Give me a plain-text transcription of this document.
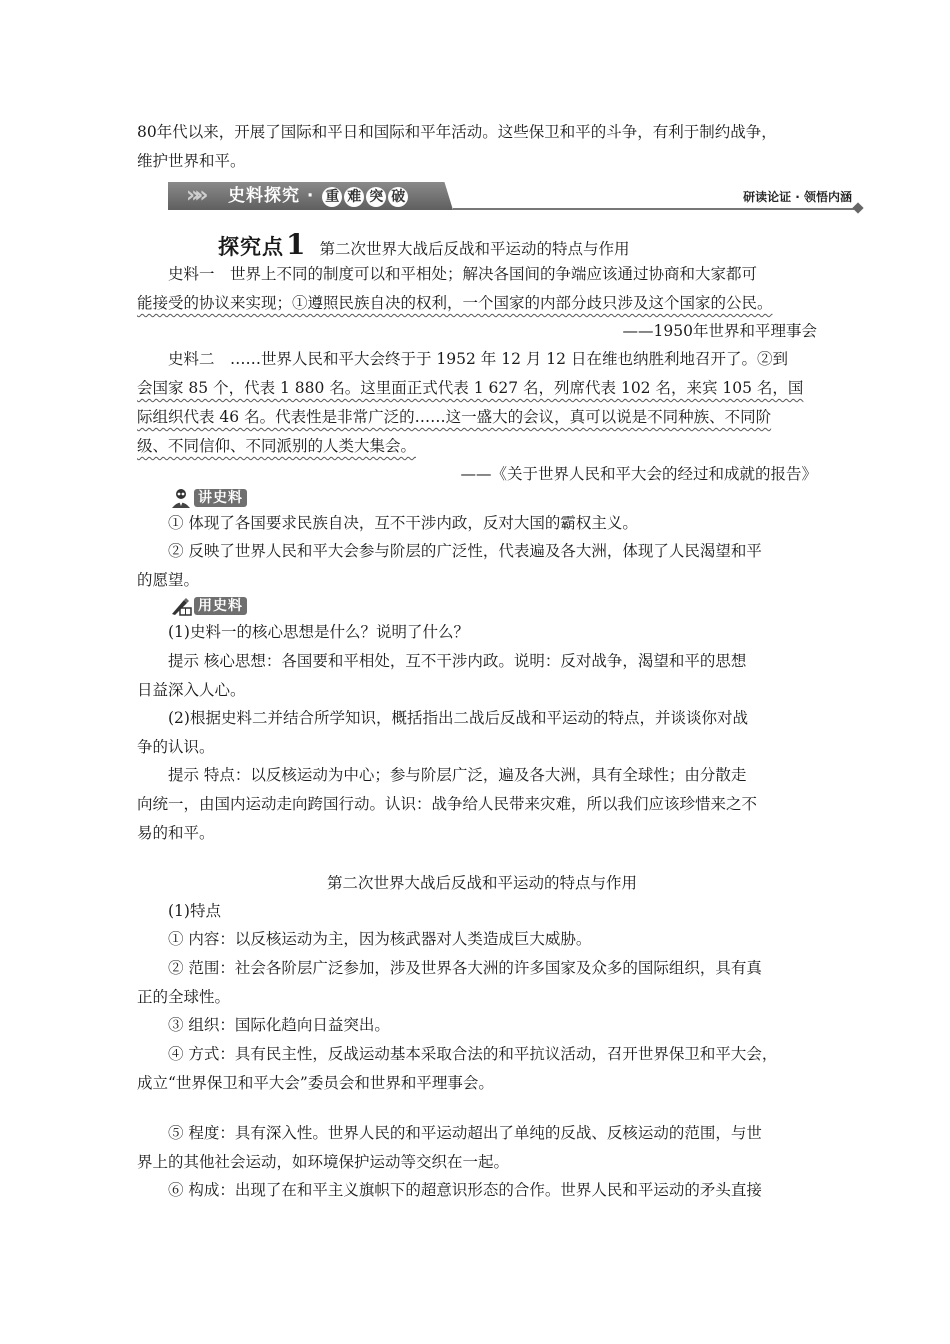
80年代以来，开展了国际和平日和国际和平年活动。这些保卫和平的斗争，有利于制约战争，

维护世界和平。

»» 史料探究 · 重 难 突 破	研读论证 · 领悟内涵
探究点1 第二次世界大战后反战和平运动的特点与作用

史料一　世界上不同的制度可以和平相处；解决各国间的争端应该通过协商和大家都可

能接受的协议来实现；①遵照民族自决的权利，一个国家的内部分歧只涉及这个国家的公民。

——1950年世界和平理事会

史料二　……世界人民和平大会终于于 1952 年 12 月 12 日在维也纳胜利地召开了。②到

会国家 85 个，代表 1 880 名。这里面正式代表 1 627 名，列席代表 102 名，来宾 105 名，国

际组织代表 46 名。代表性是非常广泛的……这一盛大的会议，真可以说是不同种族、不同阶

级、不同信仰、不同派别的人类大集会。

——《关于世界人民和平大会的经过和成就的报告》

讲史料

① 体现了各国要求民族自决，互不干涉内政，反对大国的霸权主义。

② 反映了世界人民和平大会参与阶层的广泛性，代表遍及各大洲，体现了人民渴望和平

的愿望。

用史料

(1)史料一的核心思想是什么？说明了什么？

提示 核心思想：各国要和平相处，互不干涉内政。说明：反对战争，渴望和平的思想

日益深入人心。

(2)根据史料二并结合所学知识，概括指出二战后反战和平运动的特点，并谈谈你对战

争的认识。

提示 特点：以反核运动为中心；参与阶层广泛，遍及各大洲，具有全球性；由分散走

向统一，由国内运动走向跨国行动。认识：战争给人民带来灾难，所以我们应该珍惜来之不

易的和平。

第二次世界大战后反战和平运动的特点与作用

(1)特点

① 内容：以反核运动为主，因为核武器对人类造成巨大威胁。

② 范围：社会各阶层广泛参加，涉及世界各大洲的许多国家及众多的国际组织，具有真

正的全球性。

③ 组织：国际化趋向日益突出。

④ 方式：具有民主性，反战运动基本采取合法的和平抗议活动，召开世界保卫和平大会，

成立“世界保卫和平大会”委员会和世界和平理事会。

⑤ 程度：具有深入性。世界人民的和平运动超出了单纯的反战、反核运动的范围，与世

界上的其他社会运动，如环境保护运动等交织在一起。

⑥ 构成：出现了在和平主义旗帜下的超意识形态的合作。世界人民和平运动的矛头直接
